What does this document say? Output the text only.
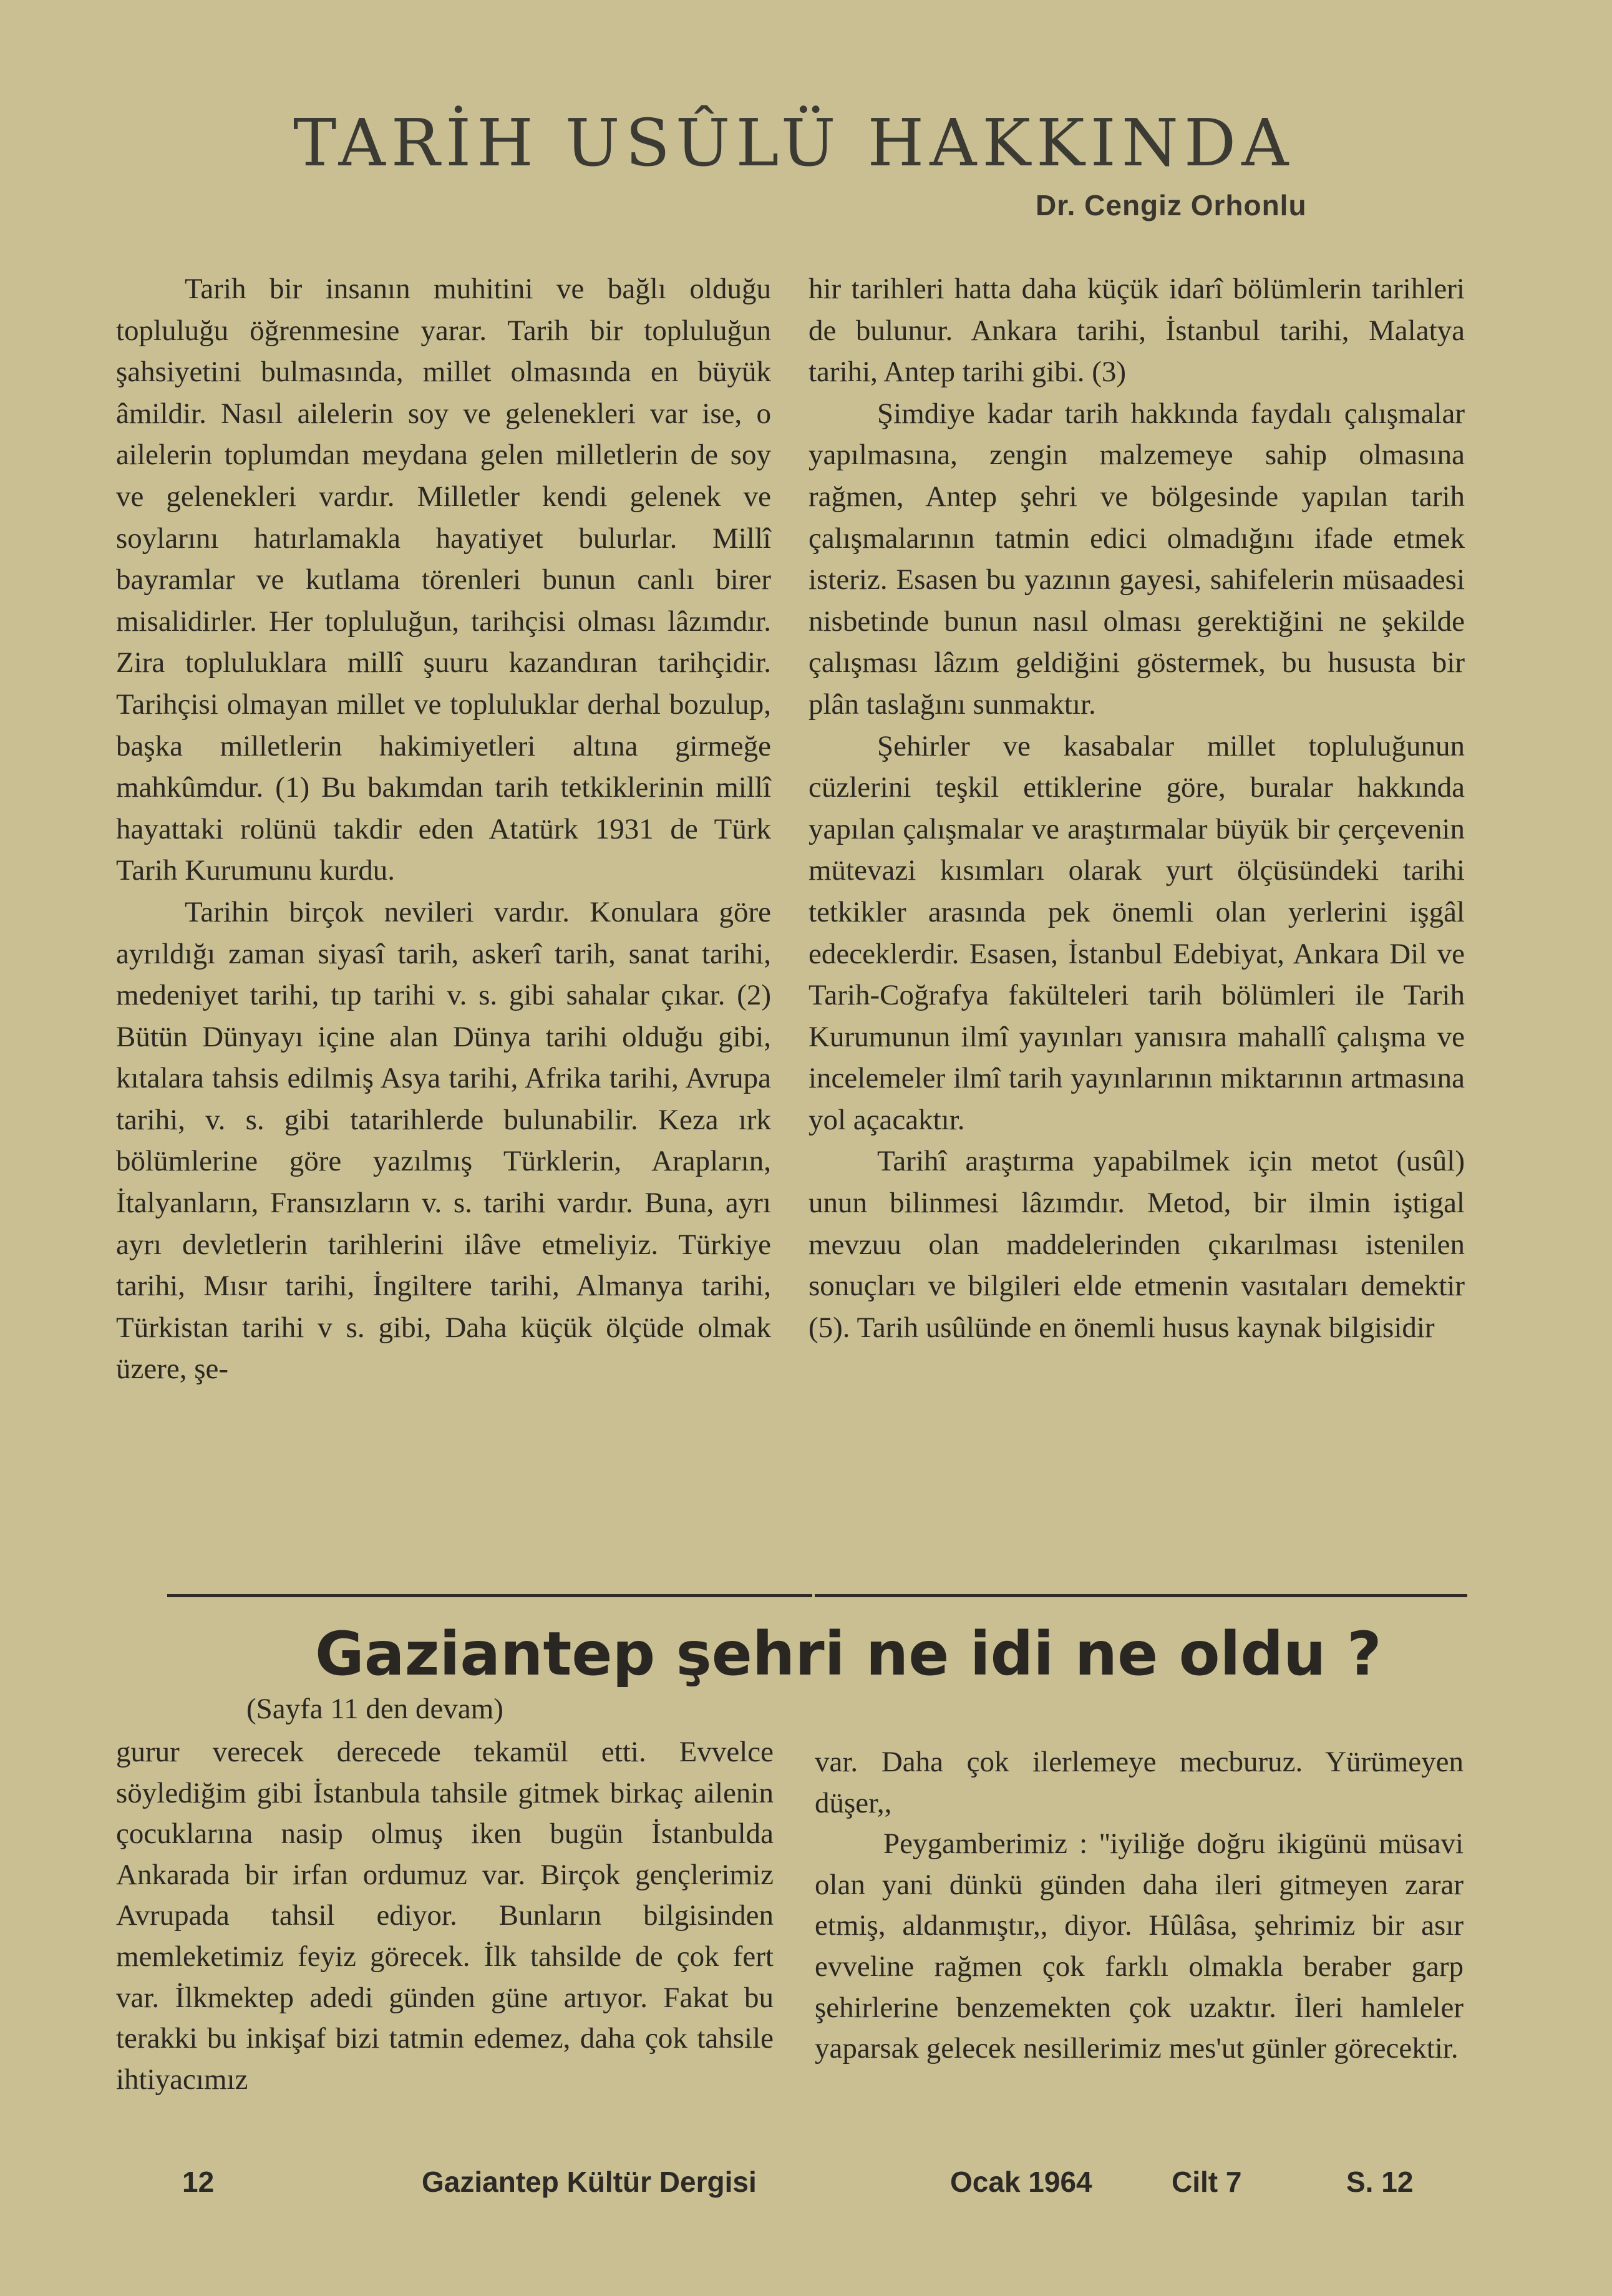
TARİH USÛLÜ HAKKINDA
Dr. Cengiz Orhonlu

Tarih bir insanın muhitini ve bağlı olduğu topluluğu öğrenmesine yarar. Tarih bir topluluğun şahsiyetini bulmasında, millet olmasında en büyük âmildir. Nasıl ailelerin soy ve gelenekleri var ise, o ailelerin toplumdan meydana gelen milletlerin de soy ve gelenekleri vardır. Milletler kendi gelenek ve soylarını hatırlamakla hayatiyet bulurlar. Millî bayramlar ve kutlama törenleri bunun canlı birer misalidirler. Her topluluğun, tarihçisi olması lâzımdır. Zira topluluklara millî şuuru kazandıran tarihçidir. Tarihçisi olmayan millet ve topluluklar derhal bozulup, başka milletlerin hakimiyetleri altına girmeğe mahkûmdur. (1) Bu bakımdan tarih tetkiklerinin millî hayattaki rolünü takdir eden Atatürk 1931 de Türk Tarih Kurumunu kurdu.

Tarihin birçok nevileri vardır. Konulara göre ayrıldığı zaman siyasî tarih, askerî tarih, sanat tarihi, medeniyet tarihi, tıp tarihi v. s. gibi sahalar çıkar. (2) Bütün Dünyayı içine alan Dünya tarihi olduğu gibi, kıtalara tahsis edilmiş Asya tarihi, Afrika tarihi, Avrupa tarihi, v. s. gibi tatarihlerde bulunabilir. Keza ırk bölümlerine göre yazılmış Türklerin, Arapların, İtalyanların, Fransızların v. s. tarihi vardır. Buna, ayrı ayrı devletlerin tarihlerini ilâve etmeliyiz. Türkiye tarihi, Mısır tarihi, İngiltere tarihi, Almanya tarihi, Türkistan tarihi v s. gibi, Daha küçük ölçüde olmak üzere, şe-

hir tarihleri hatta daha küçük idarî bölümlerin tarihleri de bulunur. Ankara tarihi, İstanbul tarihi, Malatya tarihi, Antep tarihi gibi. (3)

Şimdiye kadar tarih hakkında faydalı çalışmalar yapılmasına, zengin malzemeye sahip olmasına rağmen, Antep şehri ve bölgesinde yapılan tarih çalışmalarının tatmin edici olmadığını ifade etmek isteriz. Esasen bu yazının gayesi, sahifelerin müsaadesi nisbetinde bunun nasıl olması gerektiğini ne şekilde çalışması lâzım geldiğini göstermek, bu hususta bir plân taslağını sunmaktır.

Şehirler ve kasabalar millet topluluğunun cüzlerini teşkil ettiklerine göre, buralar hakkında yapılan çalışmalar ve araştırmalar büyük bir çerçevenin mütevazi kısımları olarak yurt ölçüsündeki tarihi tetkikler arasında pek önemli olan yerlerini işgâl edeceklerdir. Esasen, İstanbul Edebiyat, Ankara Dil ve Tarih-Coğrafya fakülteleri tarih bölümleri ile Tarih Kurumunun ilmî yayınları yanısıra mahallî çalışma ve incelemeler ilmî tarih yayınlarının miktarının artmasına yol açacaktır.

Tarihî araştırma yapabilmek için metot (usûl) unun bilinmesi lâzımdır. Metod, bir ilmin iştigal mevzuu olan maddelerinden çıkarılması istenilen sonuçları ve bilgileri elde etmenin vasıtaları demektir (5). Tarih usûlünde en önemli husus kaynak bilgisidir

Gaziantep şehri ne idi ne oldu ?
(Sayfa 11 den devam)

gurur verecek derecede tekamül etti. Evvelce söylediğim gibi İstanbula tahsile gitmek birkaç ailenin çocuklarına nasip olmuş iken bugün İstanbulda Ankarada bir irfan ordumuz var. Birçok gençlerimiz Avrupada tahsil ediyor. Bunların bilgisinden memleketimiz feyiz görecek. İlk tahsilde de çok fert var. İlkmektep adedi günden güne artıyor. Fakat bu terakki bu inkişaf bizi tatmin edemez, daha çok tahsile ihtiyacımız

var. Daha çok ilerlemeye mecburuz. Yürümeyen düşer,,

Peygamberimiz : ''iyiliğe doğru ikigünü müsavi olan yani dünkü günden daha ileri gitmeyen zarar etmiş, aldanmıştır,, diyor. Hûlâsa, şehrimiz bir asır evveline rağmen çok farklı olmakla beraber garp şehirlerine benzemekten çok uzaktır. İleri hamleler yaparsak gelecek nesillerimiz mes'ut günler görecektir.

12	Gaziantep Kültür Dergisi	Ocak 1964	Cilt 7	S. 12
